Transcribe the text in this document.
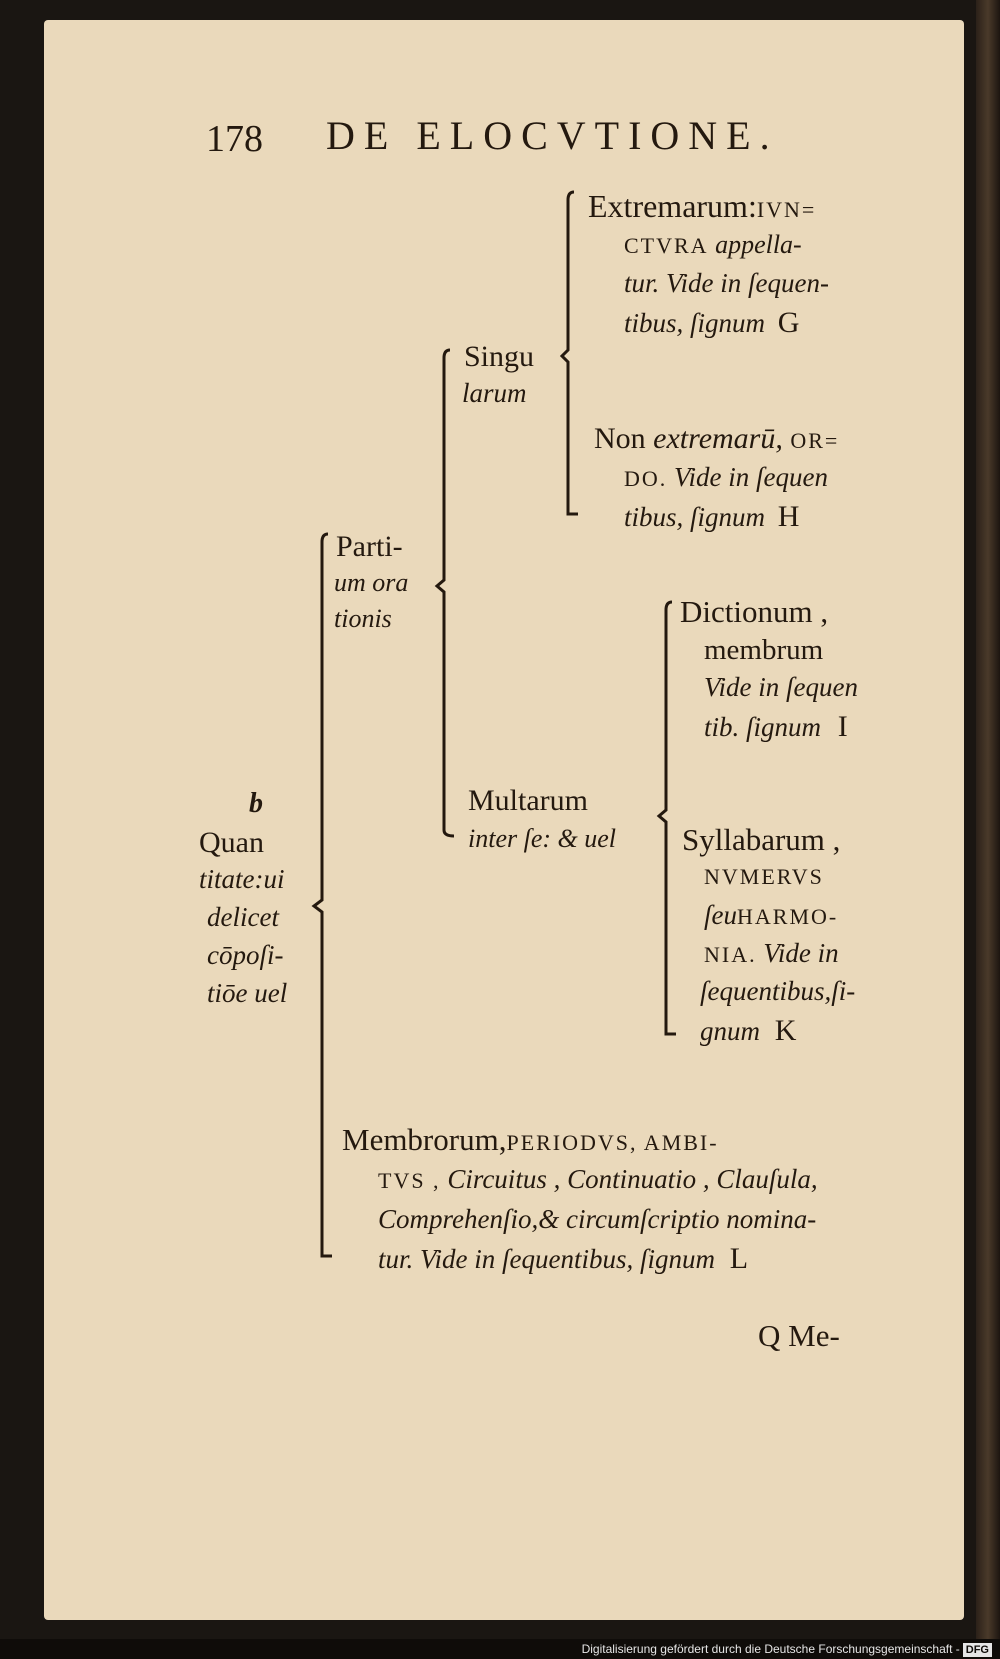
178 DE ELOCVTIONE.
b
Quan
titate:ui
delicet
cōpoſi-
tiōe uel
Parti-
um ora
tionis
Singu
larum
Extremarum:IVN=
CTVRA appella-
tur. Vide in ſequen-
tibus, ſignum G
Non extremarū, OR=
DO. Vide in ſequen
tibus, ſignum H
Multarum
inter ſe: & uel
Dictionum ,
membrum
Vide in ſequen
tib. ſignum I
Syllabarum ,
NVMERVS
ſeuHARMO-
NIA. Vide in
ſequentibus,ſi-
gnum K
Membrorum,PERIODVS, AMBI-
TVS , Circuitus , Continuatio , Clauſula,
Comprehenſio,& circumſcriptio nomina-
tur. Vide in ſequentibus, ſignum L
Q Me-
Digitalisierung gefördert durch die Deutsche Forschungsgemeinschaft - DFG
